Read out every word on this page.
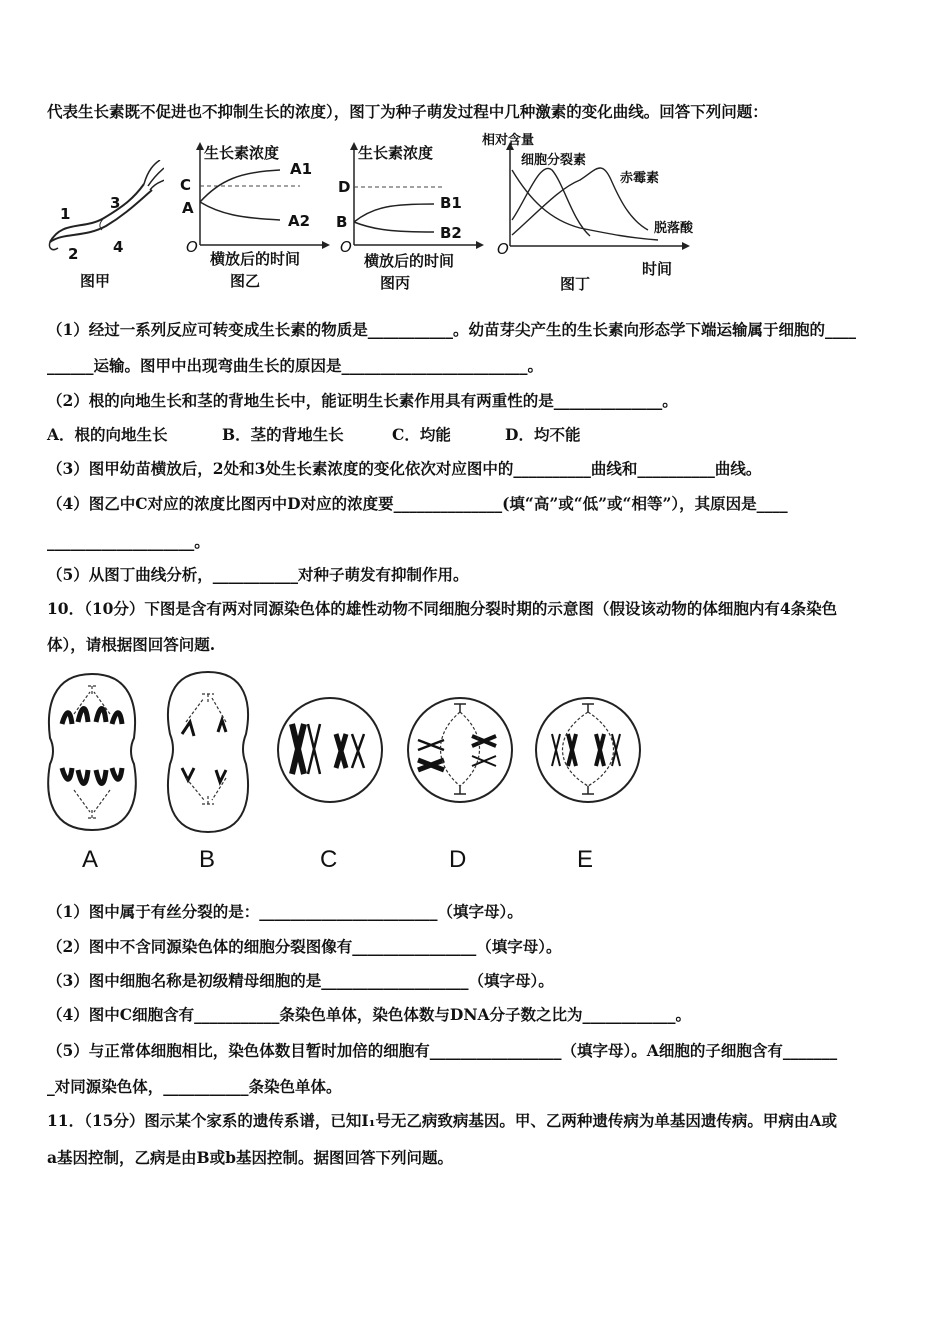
代表生长素既不促进也不抑制生长的浓度），图丁为种子萌发过程中几种激素的变化曲线。回答下列问题：
1
2
3
4
图甲
生长素浓度
C
A
A1
A2
O
横放后的时间
图乙
生长素浓度
D
B
B1
B2
O
横放后的时间
图丙
相对含量
细胞分裂素
赤霉素
脱落酸
O
时间
图丁
（1）经过一系列反应可转变成生长素的物质是___________。幼苗芽尖产生的生长素向形态学下端运输属于细胞的____
______运输。图甲中出现弯曲生长的原因是________________________。
（2）根的向地生长和茎的背地生长中，能证明生长素作用具有两重性的是______________。
A．根的向地生长	B．茎的背地生长	C．均能	D．均不能
（3）图甲幼苗横放后，2处和3处生长素浓度的变化依次对应图中的__________曲线和__________曲线。
（4）图乙中C对应的浓度比图丙中D对应的浓度要______________(填“高”或“低”或“相等”），其原因是____
___________________。
（5）从图丁曲线分析，___________对种子萌发有抑制作用。
10．（10分）下图是含有两对同源染色体的雄性动物不同细胞分裂时期的示意图（假设该动物的体细胞内有4条染色
体），请根据图回答问题.
A	B	C	D	E
（1）图中属于有丝分裂的是：_______________________（填字母）。
（2）图中不含同源染色体的细胞分裂图像有________________（填字母）。
（3）图中细胞名称是初级精母细胞的是___________________（填字母）。
（4）图中C细胞含有___________条染色单体，染色体数与DNA分子数之比为____________。
（5）与正常体细胞相比，染色体数目暂时加倍的细胞有_________________（填字母）。A细胞的子细胞含有_______
_对同源染色体，___________条染色单体。
11．（15分）图示某个家系的遗传系谱，已知Ⅰ₁号无乙病致病基因。甲、乙两种遗传病为单基因遗传病。甲病由A或
a基因控制，乙病是由B或b基因控制。据图回答下列问题。
